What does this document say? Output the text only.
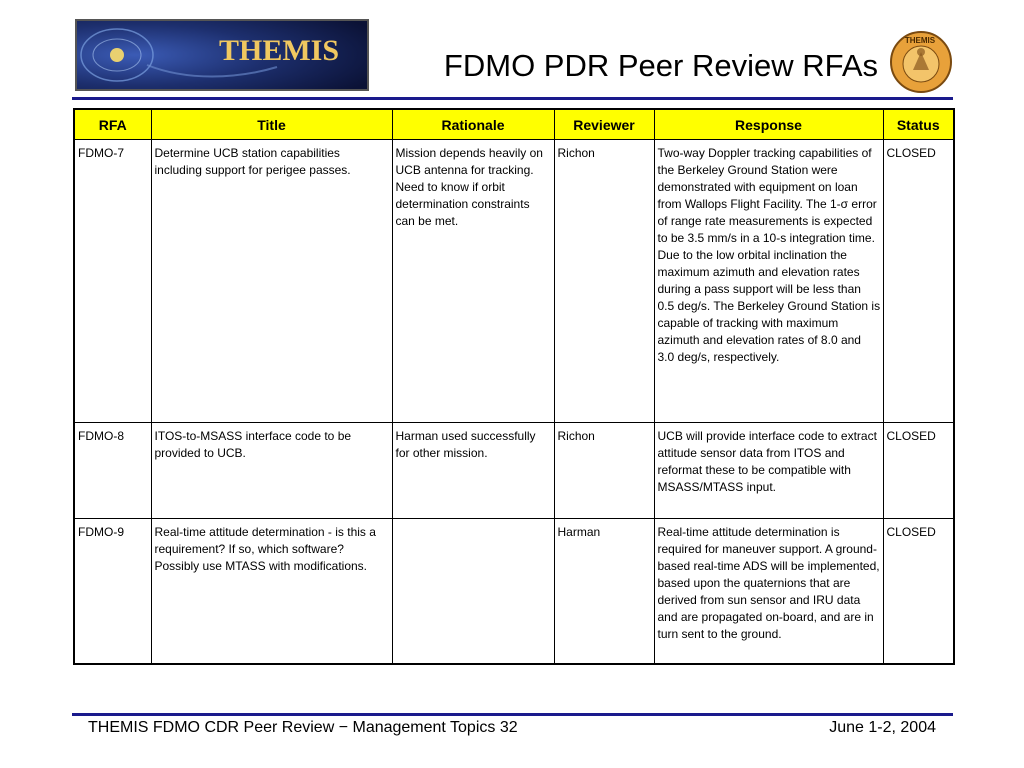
THEMIS	FDMO PDR Peer Review RFAs
THEMIS
RFA	Title	Rationale	Reviewer	Response	Status
FDMO-7	Determine UCB station capabilities including support for perigee passes.	Mission depends heavily on UCB antenna for tracking. Need to know if orbit determination constraints can be met.	Richon	Two-way Doppler tracking capabilities of the Berkeley Ground Station were demonstrated with equipment on loan from Wallops Flight Facility. The 1-σ error of range rate measurements is expected to be 3.5 mm/s in a 10-s integration time. Due to the low orbital inclination the maximum azimuth and elevation rates during a pass support will be less than 0.5 deg/s. The Berkeley Ground Station is capable of tracking with maximum azimuth and elevation rates of 8.0 and 3.0 deg/s, respectively.	CLOSED
FDMO-8	ITOS-to-MSASS interface code to be provided to UCB.	Harman used successfully for other mission.	Richon	UCB will provide interface code to extract attitude sensor data from ITOS and reformat these to be compatible with MSASS/MTASS input.	CLOSED
FDMO-9	Real-time attitude determination - is this a requirement? If so, which software? Possibly use MTASS with modifications.		Harman	Real-time attitude determination is required for maneuver support. A ground-based real-time ADS will be implemented, based upon the quaternions that are derived from sun sensor and IRU data and are propagated on-board, and are in turn sent to the ground.	CLOSED
THEMIS FDMO CDR Peer Review − Management Topics 32	June 1-2, 2004
